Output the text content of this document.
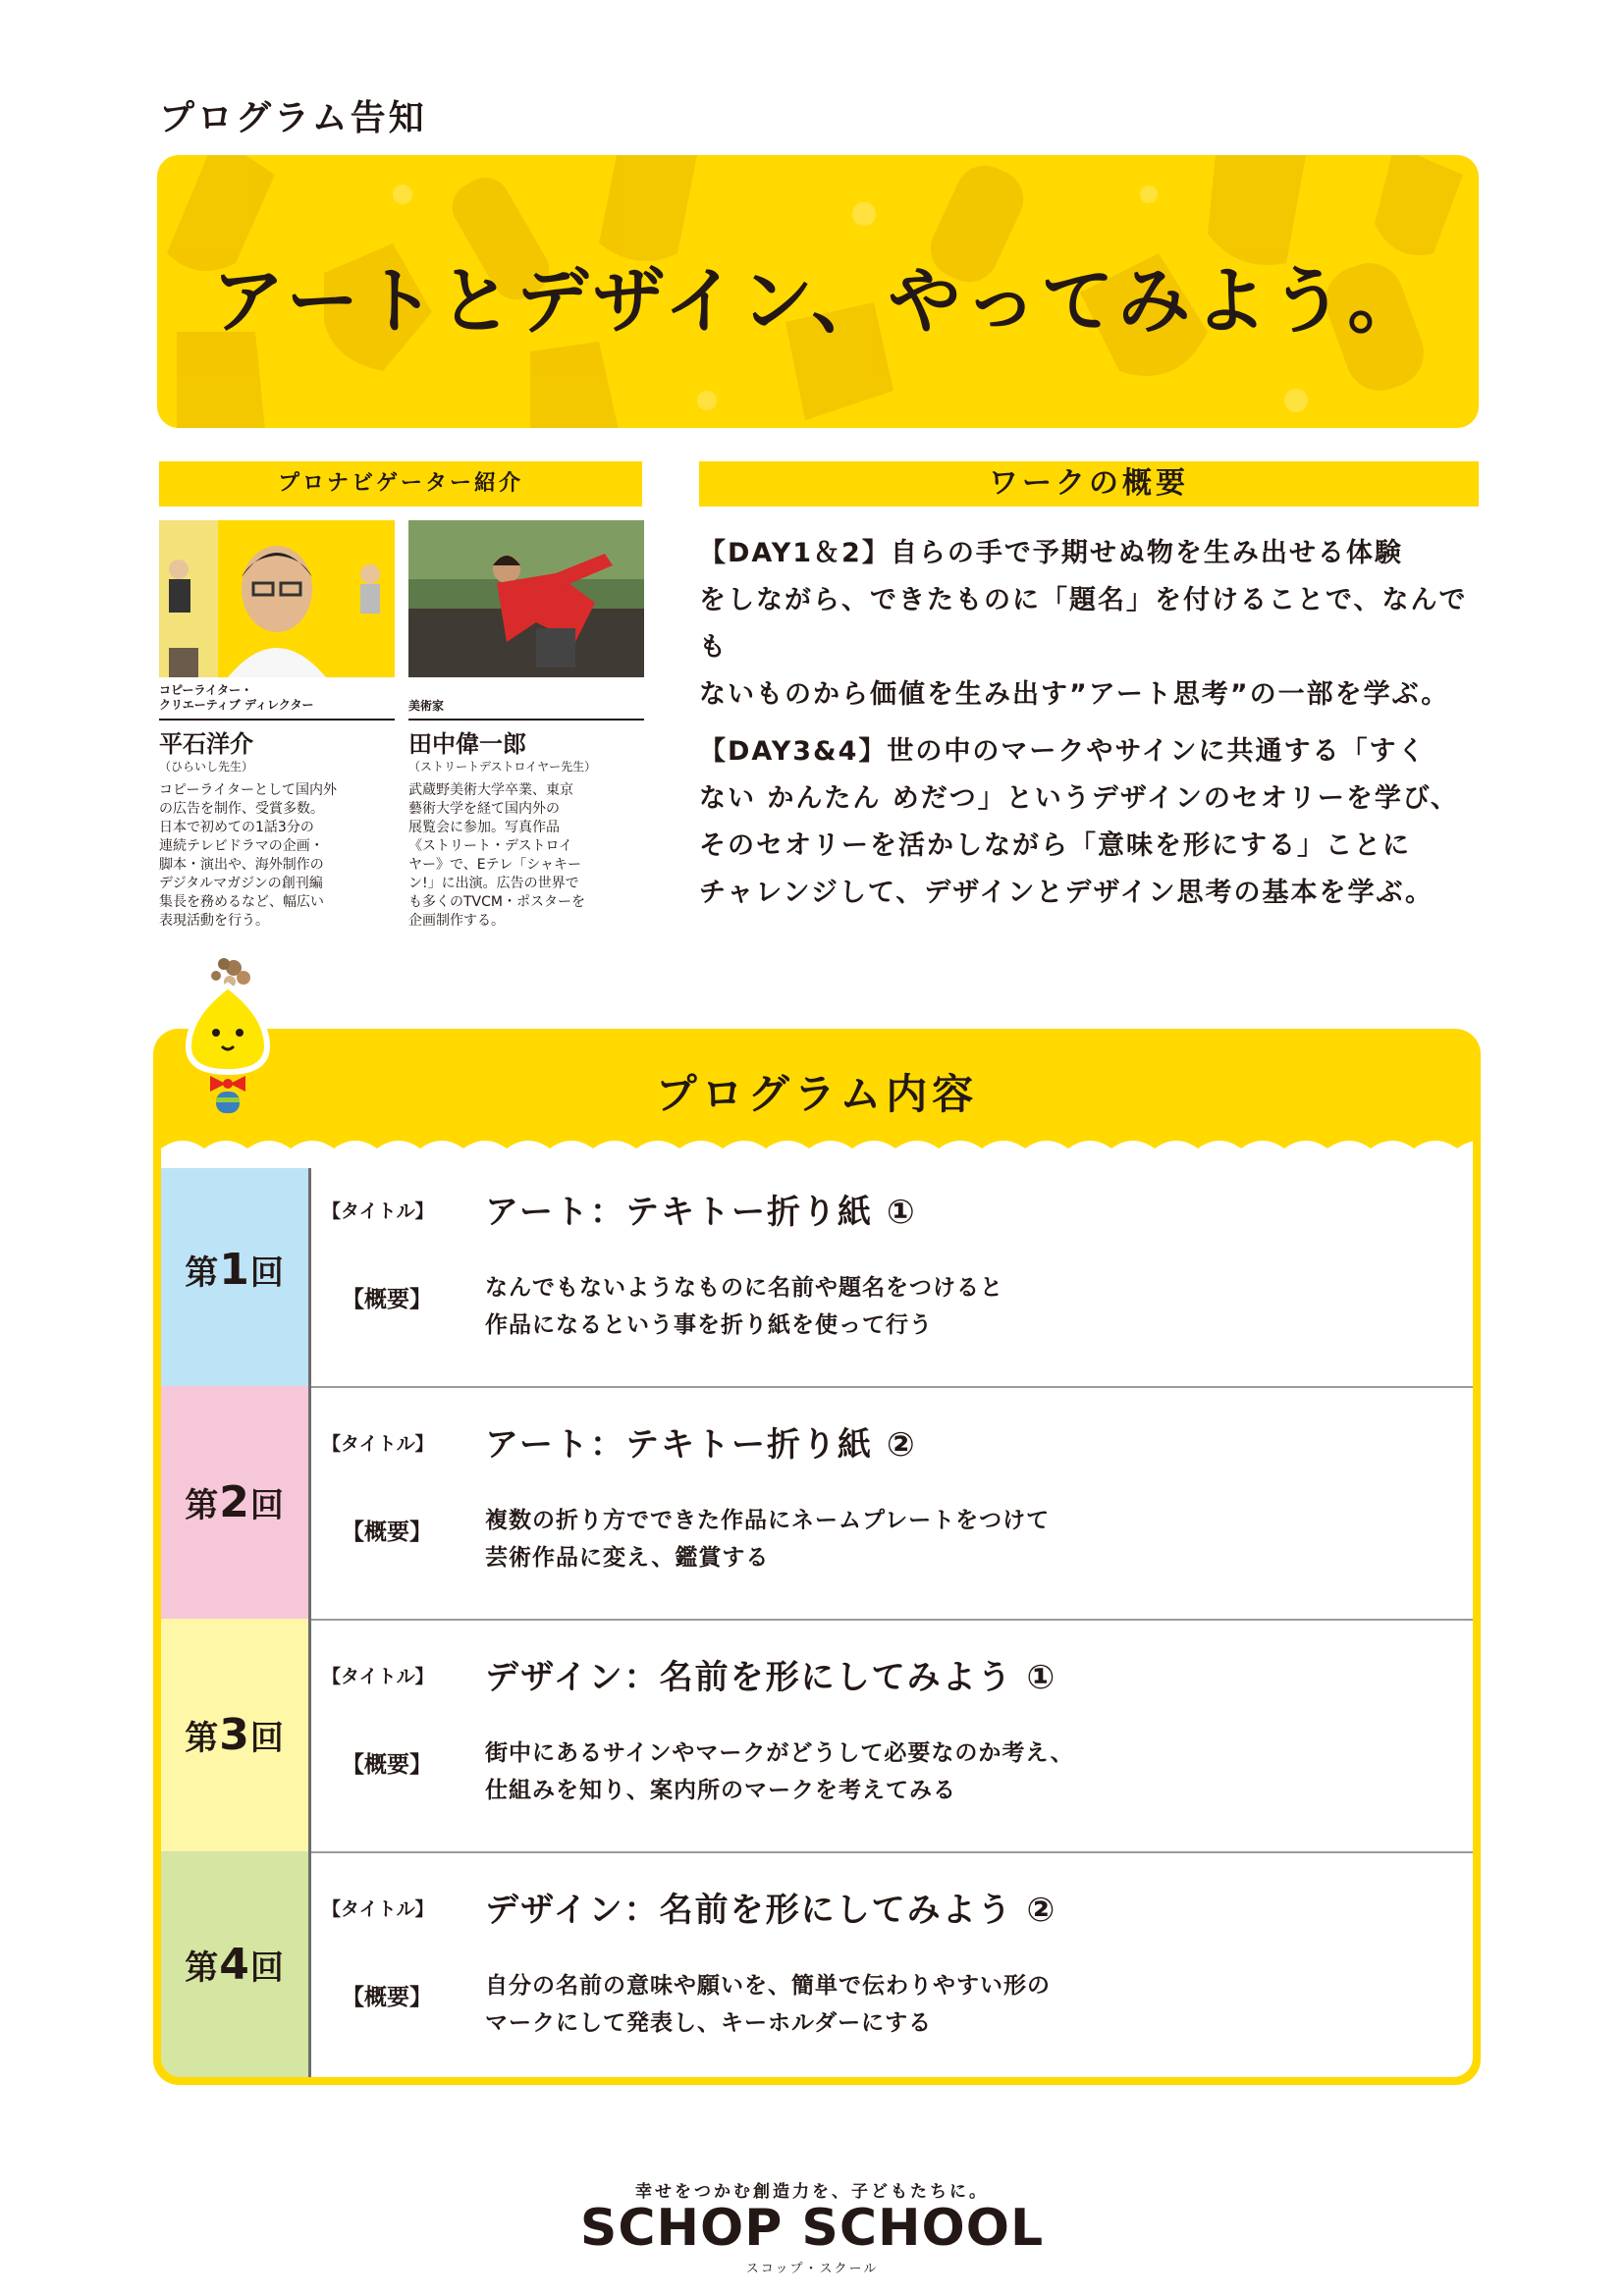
プログラム告知
アートとデザイン、やってみよう。
プロナビゲーター紹介	ワークの概要
コピーライター・
クリエーティブ ディレクター
平石洋介
（ひらいし先生）
コピーライターとして国内外
の広告を制作、受賞多数。
日本で初めての1話3分の
連続テレビドラマの企画・
脚本・演出や、海外制作の
デジタルマガジンの創刊編
集長を務めるなど、幅広い
表現活動を行う。
美術家
田中偉一郎
（ストリートデストロイヤー先生）
武蔵野美術大学卒業、東京
藝術大学を経て国内外の
展覧会に参加。写真作品
《ストリート・デストロイ
ヤー》で、Eテレ「シャキー
ン!」に出演。広告の世界で
も多くのTVCM・ポスターを
企画制作する。
【DAY1＆2】自らの手で予期せぬ物を生み出せる体験
をしながら、できたものに「題名」を付けることで、なんでも
ないものから価値を生み出す”アート思考”の一部を学ぶ。
【DAY3&4】世の中のマークやサインに共通する「すく
ない かんたん めだつ」というデザインのセオリーを学び、
そのセオリーを活かしながら「意味を形にする」ことに
チャレンジして、デザインとデザイン思考の基本を学ぶ。
プログラム内容
第1回
【タイトル】 アート：テキトー折り紙 ①
【概要】 なんでもないようなものに名前や題名をつけると
作品になるという事を折り紙を使って行う
第2回
【タイトル】 アート：テキトー折り紙 ②
【概要】 複数の折り方でできた作品にネームプレートをつけて
芸術作品に変え、鑑賞する
第3回
【タイトル】 デザイン：名前を形にしてみよう ①
【概要】 街中にあるサインやマークがどうして必要なのか考え、
仕組みを知り、案内所のマークを考えてみる
第4回
【タイトル】 デザイン：名前を形にしてみよう ②
【概要】 自分の名前の意味や願いを、簡単で伝わりやすい形の
マークにして発表し、キーホルダーにする
幸せをつかむ創造力を、子どもたちに。
SCHOP SCHOOL
スコップ・スクール
